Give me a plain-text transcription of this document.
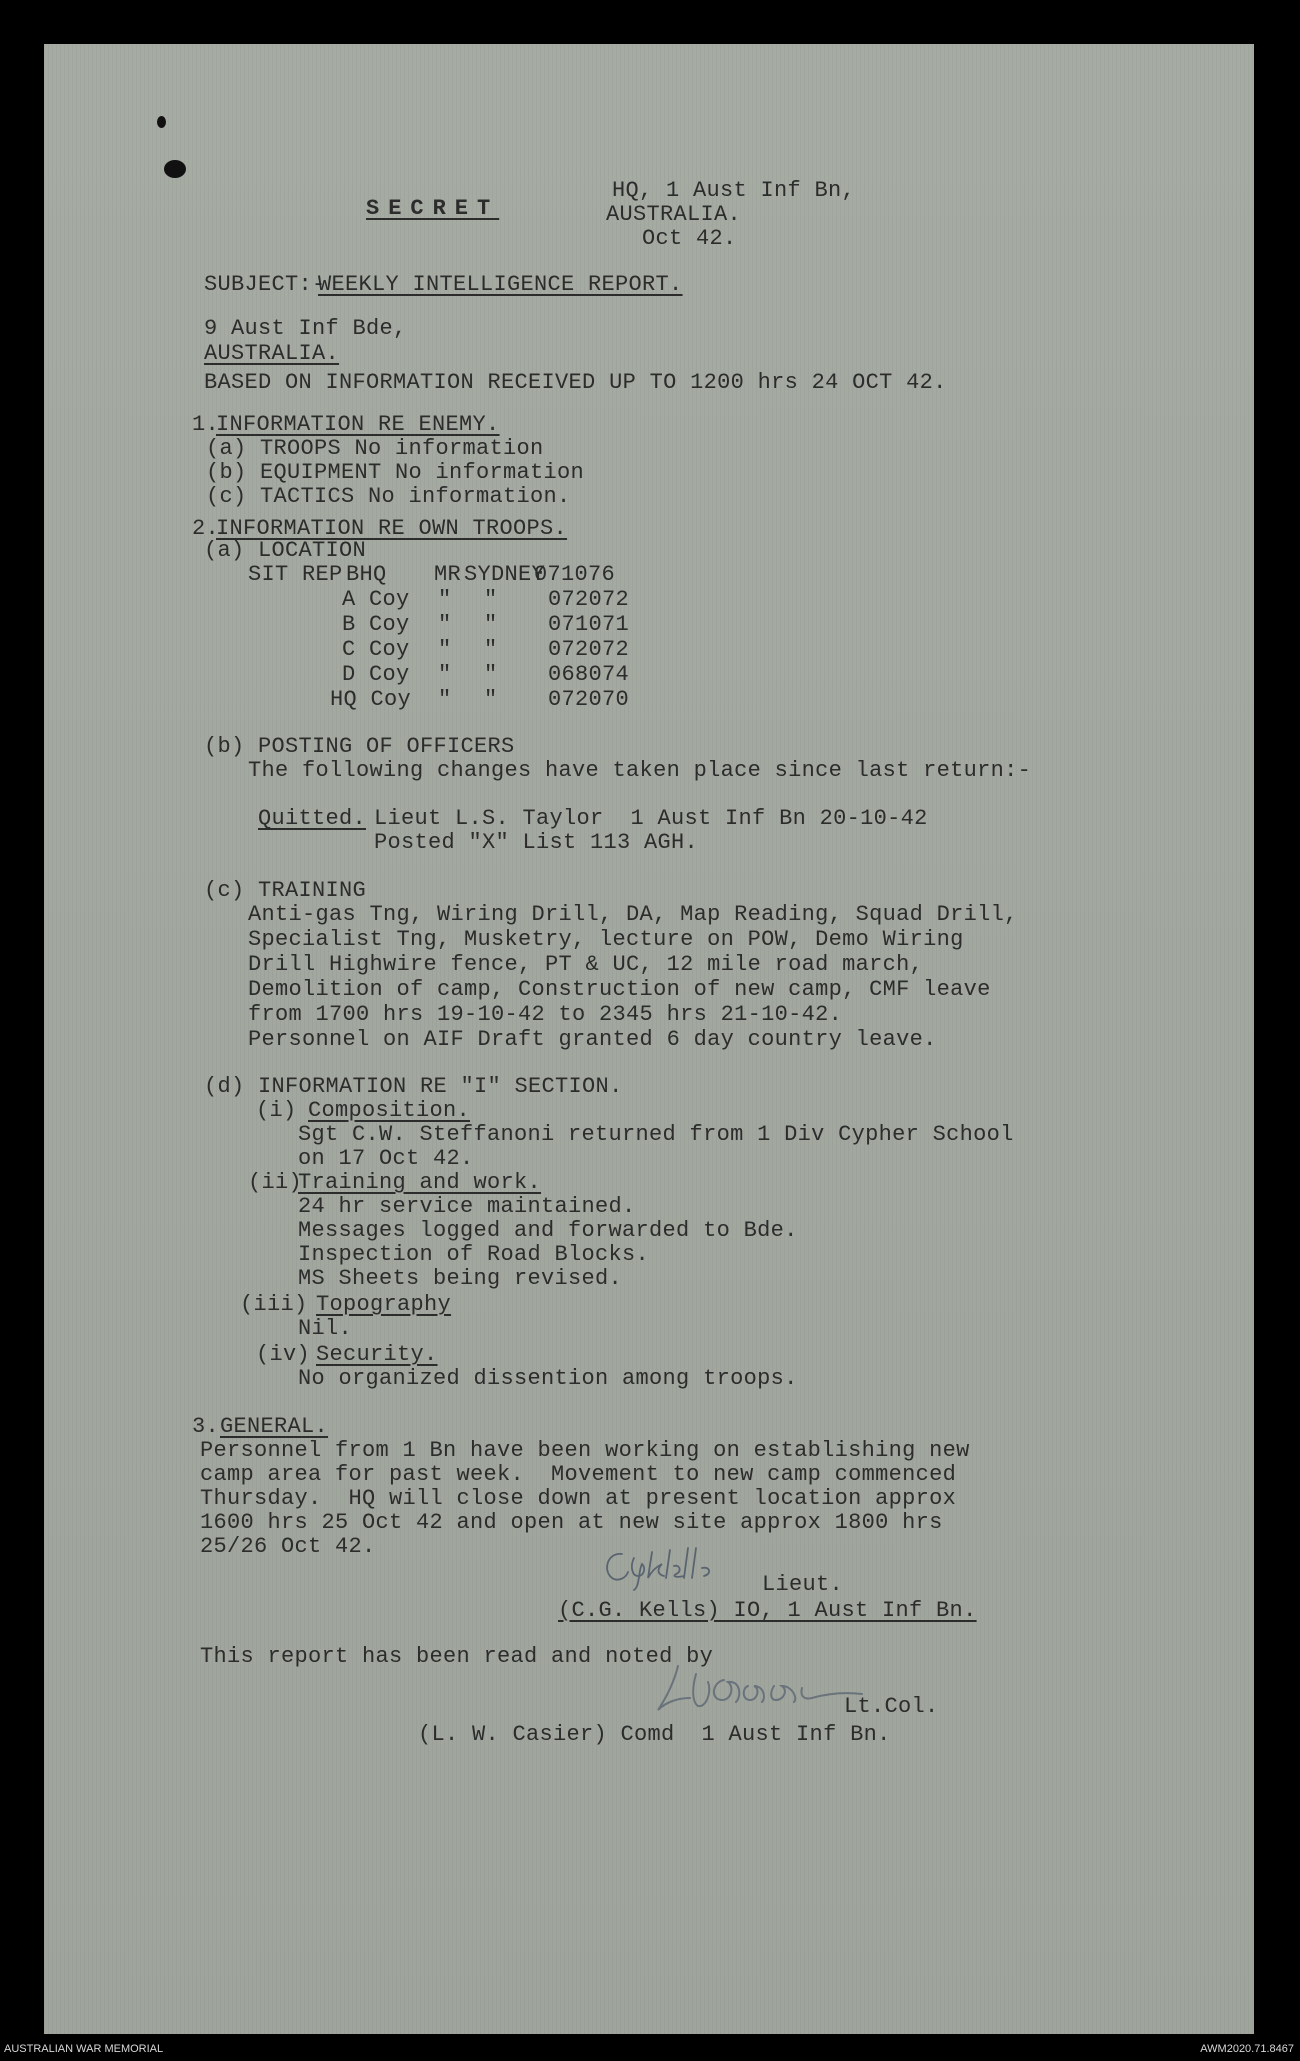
SECRET
HQ, 1 Aust Inf Bn,
AUSTRALIA.
Oct 42.
SUBJECT:-
WEEKLY INTELLIGENCE REPORT.
9 Aust Inf Bde,
AUSTRALIA.
BASED ON INFORMATION RECEIVED UP TO 1200 hrs 24 OCT 42.
1.
INFORMATION RE ENEMY.
(a) TROOPS No information
(b) EQUIPMENT No information
(c) TACTICS No information.
2.
INFORMATION RE OWN TROOPS.
(a) LOCATION
SIT REP BHQ MR SYDNEY
071076
A Coy " " 072072
B Coy " " 071071
C Coy " " 072072
D Coy " " 068074
HQ Coy " " 072070
(b) POSTING OF OFFICERS
The following changes have taken place since last return:-
Quitted. Lieut L.S. Taylor  1 Aust Inf Bn 20-10-42
Posted "X" List 113 AGH.
(c) TRAINING
Anti-gas Tng, Wiring Drill, DA, Map Reading, Squad Drill,
Specialist Tng, Musketry, lecture on POW, Demo Wiring
Drill Highwire fence, PT & UC, 12 mile road march,
Demolition of camp, Construction of new camp, CMF leave
from 1700 hrs 19-10-42 to 2345 hrs 21-10-42.
Personnel on AIF Draft granted 6 day country leave.
(d) INFORMATION RE "I" SECTION.
(i) Composition.
Sgt C.W. Steffanoni returned from 1 Div Cypher School
on 17 Oct 42.
(ii)
Training and work.
24 hr service maintained.
Messages logged and forwarded to Bde.
Inspection of Road Blocks.
MS Sheets being revised.
(iii) Topography
Nil.
(iv) Security.
No organized dissention among troops.
3. GENERAL.
Personnel from 1 Bn have been working on establishing new
camp area for past week.  Movement to new camp commenced
Thursday.  HQ will close down at present location approx
1600 hrs 25 Oct 42 and open at new site approx 1800 hrs
25/26 Oct 42.
Lieut.
(C.G. Kells) IO, 1 Aust Inf Bn.
This report has been read and noted by
Lt.Col.
(L. W. Casier) Comd  1 Aust Inf Bn.
AUSTRALIAN WAR MEMORIAL	AWM2020.71.8467
